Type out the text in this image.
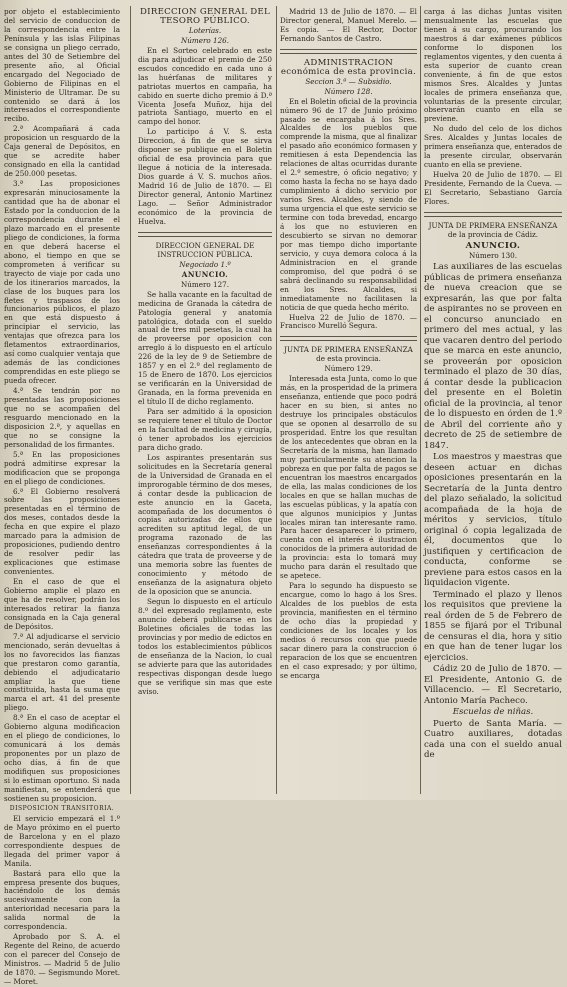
por objeto el establecimiento del servicio de conduccion de la correspondencia entre la Península y las islas Filipinas se consigna un pliego cerrado, antes del 30 de Setiembre del presente año, al Oficial encargado del Negociado de Gobierno de Filipinas en el Ministerio de Ultramar. De su contenido se dará á los interesados el correspondiente recibo.

2.ª Acompañará á cada proposicion un resguardo de la Caja general de Depósitos, en que se acredite haber consignado en ella la cantidad de 250.000 pesetas.

3.ª Las proposiciones expresarán minuciosamente la cantidad que ha de abonar el Estado por la conduccion de la correspondencia durante el plazo marcado en el presente pliego de condiciones, la forma en que deberá hacerse el abono, el tiempo en que se comprometen á verificar su trayecto de viaje por cada uno de los itinerarios marcados, la clase de los buques para los fletes y traspasos de los funcionarios públicos, el plazo en que está dispuesto á principiar el servicio, las ventajas que ofrezca para los fletamentos extraordinarios, así como cualquier ventaja que además de las condiciones comprendidas en este pliego se pueda ofrecer.

4.ª Se tendrán por no presentadas las proposiciones que no se acompañen del resguardo mencionado en la disposicion 2.ª, y aquellas en que no se consigne la personalidad de los firmantes.

5.ª En las proposiciones podrá admitirse expresar la modificacion que se proponga en el pliego de condiciones.

6.ª El Gobierno resolverá sobre las proposiciones presentadas en el término de dos meses, contados desde la fecha en que expire el plazo marcado para la admision de proposiciones, pudiendo dentro de resolver pedir las explicaciones que estimase convenientes.

En el caso de que el Gobierno amplie el plazo en que ha de resolver, podrán los interesados retirar la fianza consignada en la Caja general de Depósitos.

7.ª Al adjudicarse el servicio mencionado, serán devueltas á los no favorecidos las fianzas que prestaron como garantía, debiendo el adjudicatario ampliar la que tiene constituida, hasta la suma que marca el art. 41 del presente pliego.

8.ª En el caso de aceptar el Gobierno alguna modificacion en el pliego de condiciones, lo comunicará á los demás proponentes por un plazo de ocho días, á fin de que modifiquen sus proposiciones si lo estiman oportuno. Si nada manifiestan, se entenderá que sostienen su proposicion.

DISPOSICION TRANSITORIA.

El servicio empezará el 1.º de Mayo próximo en el puerto de Barcelona y en el plazo correspondiente despues de llegada del primer vapor á Manila.

Bastará para ello que la empresa presente dos buques, haciéndolo de los demás sucesivamente con la anterioridad necesaria para la salida normal de la correspondencia.

Aprobado por S. A. el Regente del Reino, de acuerdo con el parecer del Consejo de Ministros. — Madrid 5 de Julio de 1870. — Segismundo Moret. — Moret.

DIRECCION GENERAL DEL TESORO PÚBLICO.

Loterías.

Número 126.

En el Sorteo celebrado en este dia para adjudicar el premio de 250 escudos concedido en cada uno á las huérfanas de militares y patriotas muertos en campaña, ha cabido en suerte dicho premio á D.ª Vicenta Josefa Muñoz, hija del patriota Santiago, muerto en el campo del honor.

Lo participo á V. S. esta Direccion, á fin de que se sirva disponer se publique en el Boletin oficial de esa provincia para que llegue á noticia de la interesada. Dios guarde á V. S. muchos años. Madrid 16 de Julio de 1870. — El Director general, Antonio Martinez Lago. — Señor Administrador económico de la provincia de Huelva.

DIRECCION GENERAL DE INSTRUCCION PÚBLICA.

Negociado 1.º

ANUNCIO.

Número 127.

Se halla vacante en la facultad de medicina de Granada la cátedra de Patología general y anatomía patológica, dotada con el sueldo anual de tres mil pesetas, la cual ha de proveerse por oposicion con arreglo á lo dispuesto en el artículo 226 de la ley de 9 de Setiembre de 1857 y en el 2.º del reglamento de 15 de Enero de 1870. Los ejercicios se verificarán en la Universidad de Granada, en la forma prevenida en el título II de dicho reglamento.

Para ser admitido á la oposicion se requiere tener el título de Doctor en la facultad de medicina y cirugía, ó tener aprobados los ejercicios para dicho grado.

Los aspirantes presentarán sus solicitudes en la Secretaría general de la Universidad de Granada en el improrogable término de dos meses, á contar desde la publicacion de este anuncio en la Gaceta, acompañada de los documentos ó copias autorizadas de ellos que acrediten su aptitud legal, de un programa razonado de las enseñanzas correspondientes á la cátedra que trata de proveerse y de una memoria sobre las fuentes de conocimiento y método de enseñanza de la asignatura objeto de la oposicion que se anuncia.

Segun lo dispuesto en el artículo 8.º del expresado reglamento, este anuncio deberá publicarse en los Boletines oficiales de todas las provincias y por medio de edictos en todos los establecimientos públicos de enseñanza de la Nacion, lo cual se advierte para que las autoridades respectivas dispongan desde luego que se verifique sin mas que este aviso.

Madrid 13 de Julio de 1870. — El Director general, Manuel Merelo. — Es copia. — El Rector, Doctor Fernando Santos de Castro.

ADMINISTRACION económica de esta provincia.

Seccion 3.ª — Subsidio.

Número 128.

En el Boletin oficial de la provincia número 96 de 17 de Junio próximo pasado se encargaba á los Sres. Alcaldes de los pueblos que comprende la misma, que al finalizar el pasado año económico formasen y remitiesen á esta Dependencia las relaciones de altas ocurridas durante el 2.º semestre, ó oficio negativo; y como hasta la fecha no se haya dado cumplimiento á dicho servicio por varios Sres. Alcaldes, y siendo de suma urgencia el que este servicio se termine con toda brevedad, encargo á los que no estuvieren en descubierto se sirvan no demorar por mas tiempo dicho importante servicio, y cuya demora coloca á la Administracion en el grande compromiso, del que podrá ó se sabrá declinando su responsabilidad en los Sres. Alcaldes, si inmediatamente no facilitasen la noticia de que queda hecho mérito.

Huelva 22 de Julio de 1870. — Francisco Murelló Segura.

JUNTA DE PRIMERA ENSEÑANZA de esta provincia.

Número 129.

Interesada esta Junta, como lo que más, en la prosperidad de la primera enseñanza, entiende que poco podrá hacer en su bien, si antes no destruye los principales obstáculos que se oponen al desarrollo de su prosperidad. Entre los que resultan de los antecedentes que obran en la Secretaría de la misma, han llamado muy particularmente su atencion la pobreza en que por falta de pagos se encuentran los maestros encargados de ella, las malas condiciones de los locales en que se hallan muchas de las escuelas públicas, y la apatía con que algunos municipios y Juntas locales miran tan interesante ramo. Para hacer desaparecer lo primero, cuenta con el interés é ilustracion conocidos de la primera autoridad de la provincia: esta lo tomará muy mucho para darán el resultado que se apetece.

Para lo segundo ha dispuesto se encargue, como lo hago á los Sres. Alcaldes de los pueblos de esta provincia, manifiesten en el término de ocho días la propiedad y condiciones de los locales y los medios ó recursos con que puede sacar dinero para la construccion ó reparacion de los que se encuentren en el caso expresado; y por último, se encarga

carga á las dichas Juntas visiten mensualmente las escuelas que tienen á su cargo, procurando los maestros á dar exámenes públicos conforme lo disponen los reglamentos vigentes, y den cuenta á esta superior de cuanto crean conveniente, á fin de que estos mismos Sres. Alcaldes y Juntas locales de primera enseñanza que, voluntarias de la presente circular, observarán cuanto en ella se previene.

No dudo del celo de los dichos Sres. Alcaldes y Juntas locales de primera enseñanza que, enterados de la presente circular, observarán cuanto en ella se previene.

Huelva 20 de Julio de 1870. — El Presidente, Fernando de la Cueva. — El Secretario, Sebastiano García Flores.

JUNTA DE PRIMERA ENSEÑANZA de la provincia de Cádiz.

ANUNCIO.

Número 130.

Las auxiliares de las escuelas públicas de primera enseñanza de nueva creacion que se expresarán, las que por falta de aspirantes no se proveen en el concurso anunciado en primero del mes actual, y las que vacaren dentro del periodo que se marca en este anuncio, se proveerán por oposicion terminado el plazo de 30 días, á contar desde la publicacion del presente en el Boletin oficial de la provincia, al tenor de lo dispuesto en órden de 1.º de Abril del corriente año y decreto de 25 de setiembre de 1847.

Los maestros y maestras que deseen actuar en dichas oposiciones presentarán en la Secretaría de la Junta dentro del plazo señalado, la solicitud acompañada de la hoja de méritos y servicios, título original ó copia legalizada de él, documentos que lo justifiquen y certificacion de conducta, conforme se previene para estos casos en la liquidacion vigente.

Terminado el plazo y llenos los requisitos que previene la real órden de 5 de Febrero de 1855 se fijará por el Tribunal de censuras el dia, hora y sitio en que han de tener lugar los ejercicios.

Cádiz 20 de Julio de 1870. — El Presidente, Antonio G. de Villacencio. — El Secretario, Antonio María Pacheco.

Escuelas de niñas.

Puerto de Santa María. — Cuatro auxiliares, dotadas cada una con el sueldo anual de
